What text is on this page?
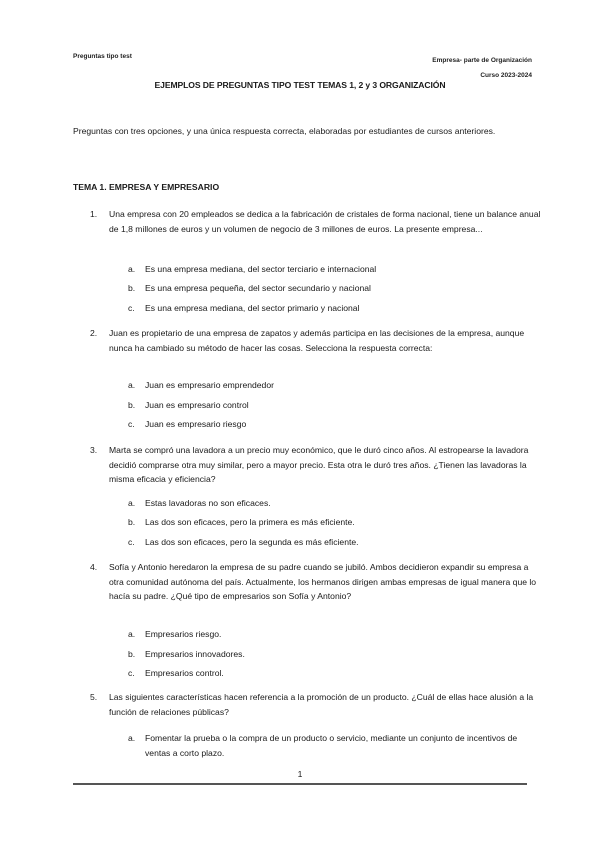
Preguntas tipo test
Empresa- parte de Organización
Curso 2023-2024
EJEMPLOS DE PREGUNTAS TIPO TEST TEMAS 1, 2 y 3 ORGANIZACIÓN
Preguntas con tres opciones, y una única respuesta correcta, elaboradas por estudiantes de cursos anteriores.
TEMA 1. EMPRESA Y EMPRESARIO
1. Una empresa con 20 empleados se dedica a la fabricación de cristales de forma nacional, tiene un balance anual de 1,8 millones de euros y un volumen de negocio de 3 millones de euros. La presente empresa...
a. Es una empresa mediana, del sector terciario e internacional
b. Es una empresa pequeña, del sector secundario y nacional
c. Es una empresa mediana, del sector primario y nacional
2. Juan es propietario de una empresa de zapatos y además participa en las decisiones de la empresa, aunque nunca ha cambiado su método de hacer las cosas. Selecciona la respuesta correcta:
a. Juan es empresario emprendedor
b. Juan es empresario control
c. Juan es empresario riesgo
3. Marta se compró una lavadora a un precio muy económico, que le duró cinco años. Al estropearse la lavadora decidió comprarse otra muy similar, pero a mayor precio. Esta otra le duró tres años. ¿Tienen las lavadoras la misma eficacia y eficiencia?
a. Estas lavadoras no son eficaces.
b. Las dos son eficaces, pero la primera es más eficiente.
c. Las dos son eficaces, pero la segunda es más eficiente.
4. Sofía y Antonio heredaron la empresa de su padre cuando se jubiló. Ambos decidieron expandir su empresa a otra comunidad autónoma del país. Actualmente, los hermanos dirigen ambas empresas de igual manera que lo hacía su padre. ¿Qué tipo de empresarios son Sofía y Antonio?
a. Empresarios riesgo.
b. Empresarios innovadores.
c. Empresarios control.
5. Las siguientes características hacen referencia a la promoción de un producto. ¿Cuál de ellas hace alusión a la función de relaciones públicas?
a. Fomentar la prueba o la compra de un producto o servicio, mediante un conjunto de incentivos de ventas a corto plazo.
1
